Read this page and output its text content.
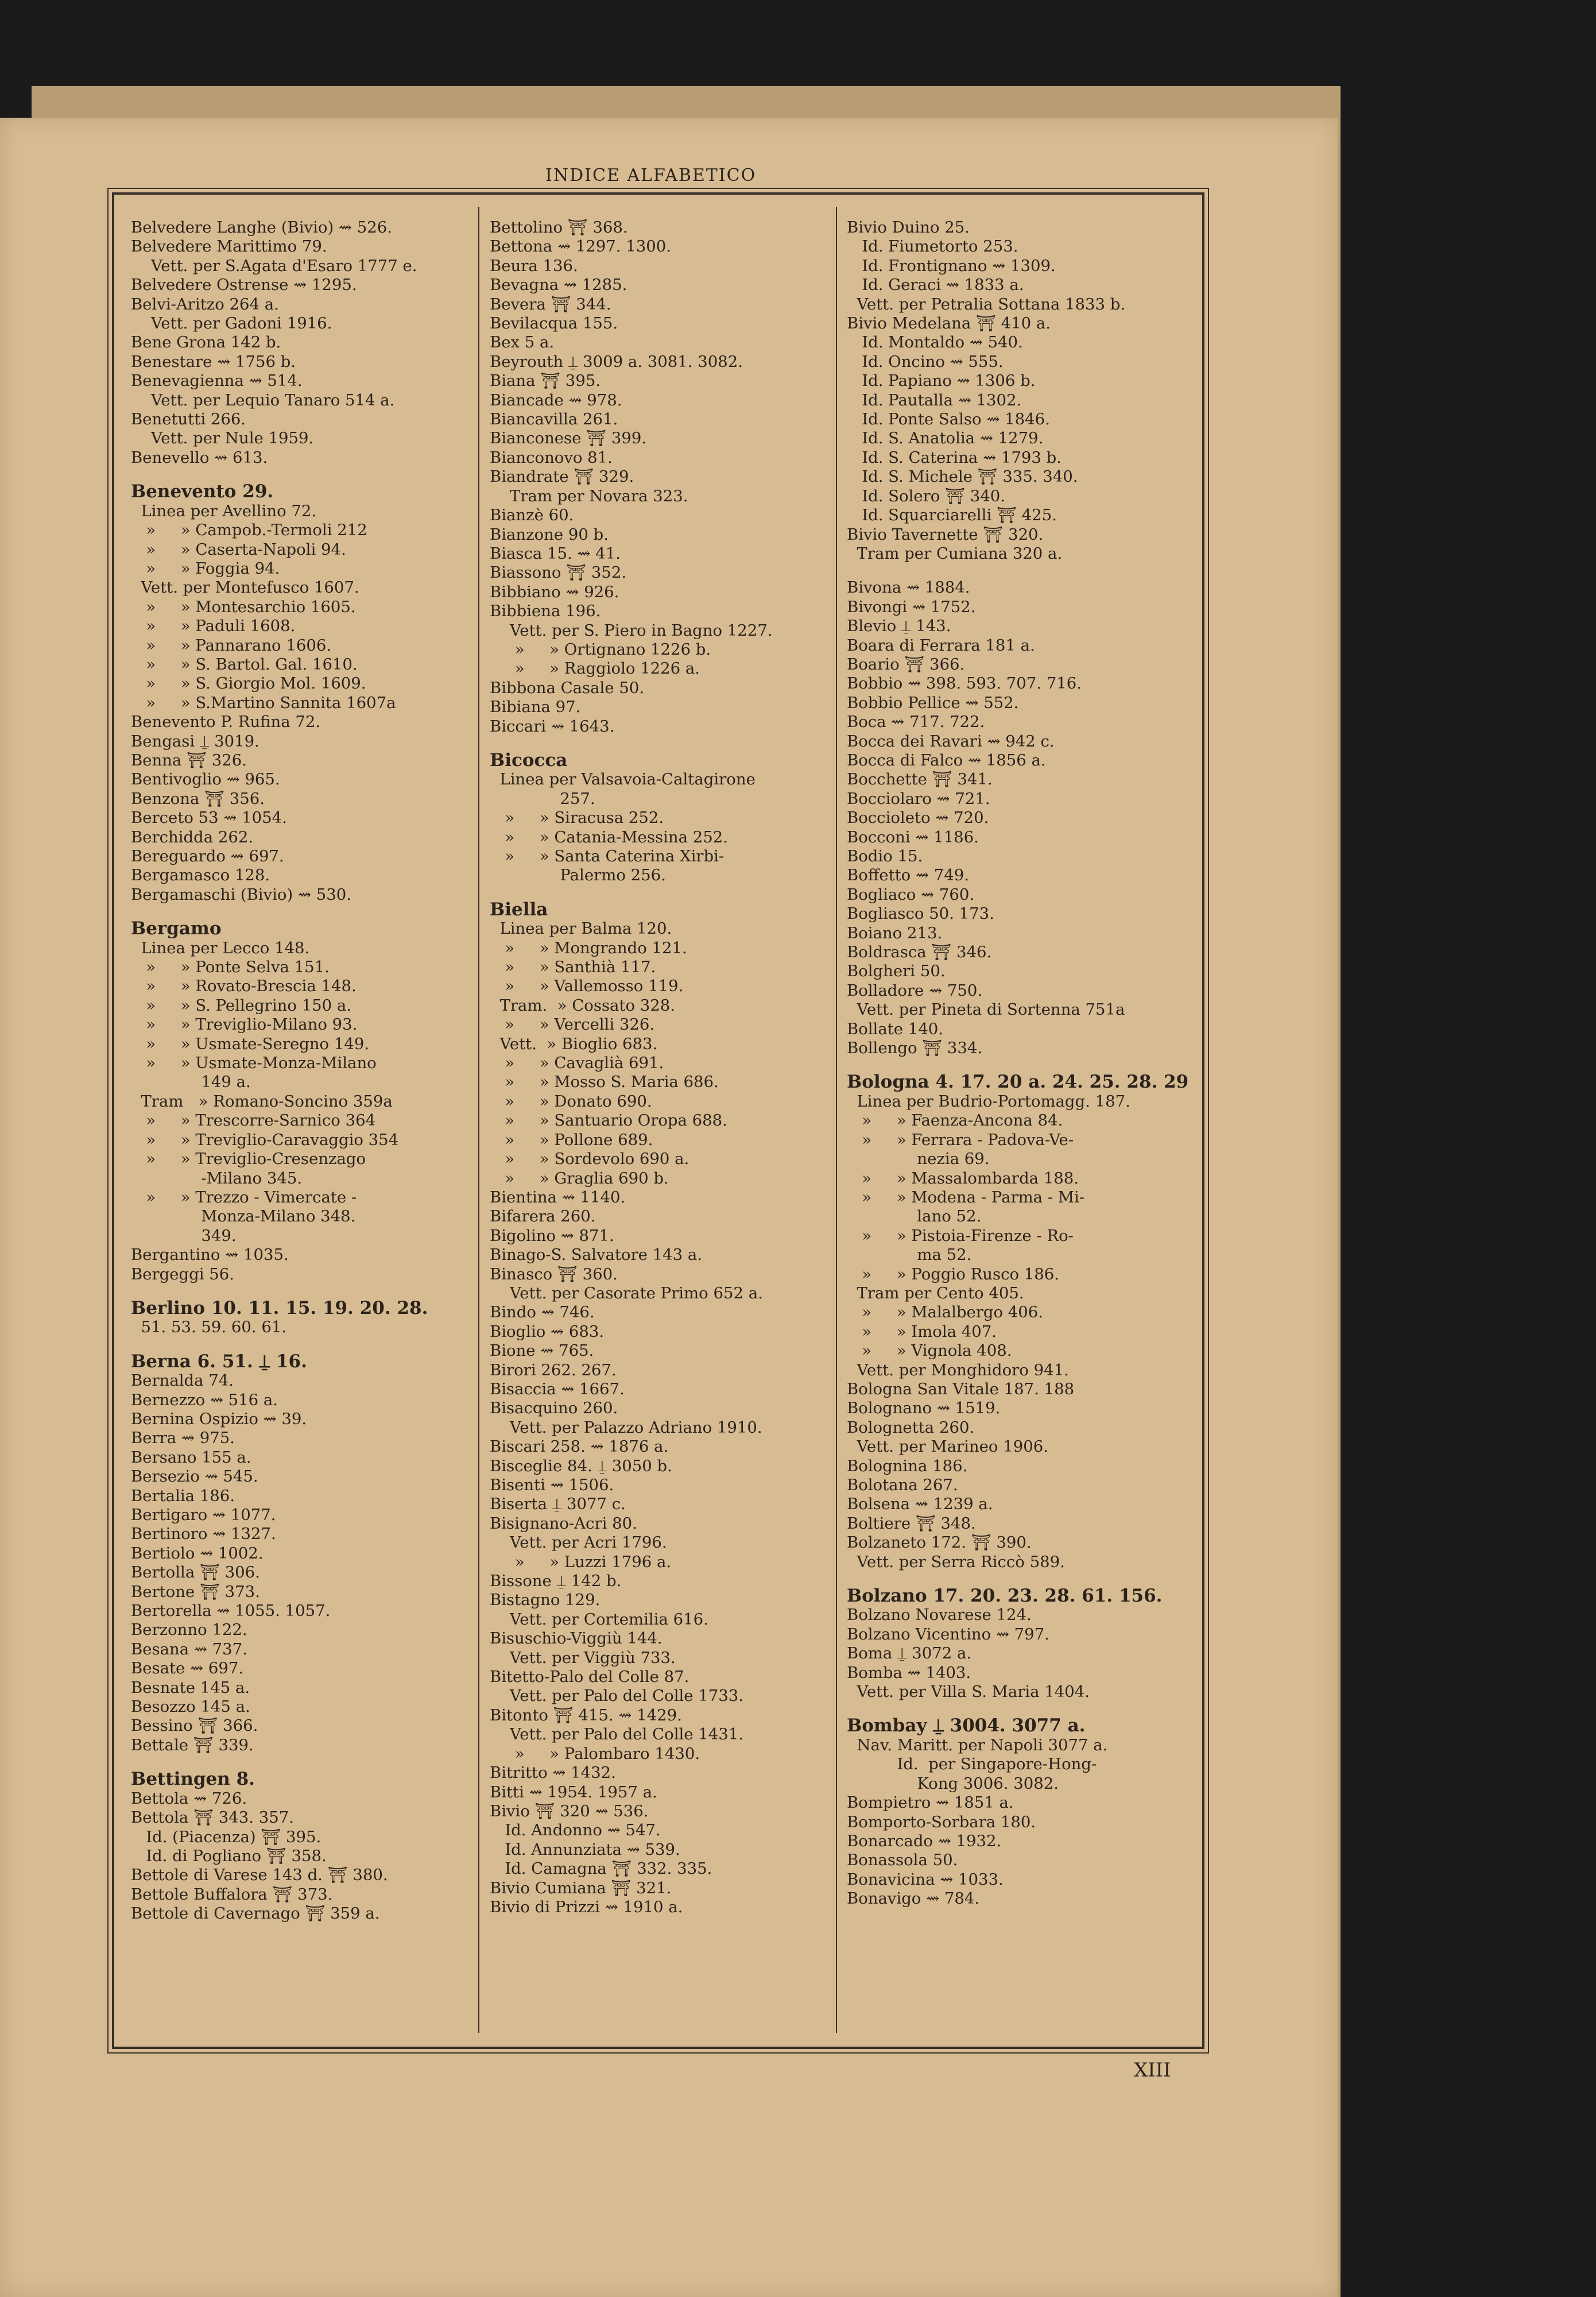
INDICE ALFABETICO
Belvedere Langhe (Bivio) ⇝ 526.
Belvedere Marittimo 79.
Vett. per S.Agata d'Esaro 1777 e.
Belvedere Ostrense ⇝ 1295.
Belvi-Aritzo 264 a.
Vett. per Gadoni 1916.
Bene Grona 142 b.
Benestare ⇝ 1756 b.
Benevagienna ⇝ 514.
Vett. per Lequio Tanaro 514 a.
Benetutti 266.
Vett. per Nule 1959.
Benevello ⇝ 613.
Benevento 29.
Linea per Avellino 72.
»     » Campob.-Termoli 212
»     » Caserta-Napoli 94.
»     » Foggia 94.
Vett. per Montefusco 1607.
»     » Montesarchio 1605.
»     » Paduli 1608.
»     » Pannarano 1606.
»     » S. Bartol. Gal. 1610.
»     » S. Giorgio Mol. 1609.
»     » S.Martino Sannita 1607a
Benevento P. Rufina 72.
Bengasi ⍊ 3019.
Benna ⛩ 326.
Bentivoglio ⇝ 965.
Benzona ⛩ 356.
Berceto 53 ⇝ 1054.
Berchidda 262.
Bereguardo ⇝ 697.
Bergamasco 128.
Bergamaschi (Bivio) ⇝ 530.
Bergamo
Linea per Lecco 148.
»     » Ponte Selva 151.
»     » Rovato-Brescia 148.
»     » S. Pellegrino 150 a.
»     » Treviglio-Milano 93.
»     » Usmate-Seregno 149.
»     » Usmate-Monza-Milano
149 a.
Tram   » Romano-Soncino 359a
»     » Trescorre-Sarnico 364
»     » Treviglio-Caravaggio 354
»     » Treviglio-Cresenzago
-Milano 345.
»     » Trezzo - Vimercate -
Monza-Milano 348.
349.
Bergantino ⇝ 1035.
Bergeggi 56.
Berlino 10. 11. 15. 19. 20. 28.
51. 53. 59. 60. 61.
Berna 6. 51. ⍊ 16.
Bernalda 74.
Bernezzo ⇝ 516 a.
Bernina Ospizio ⇝ 39.
Berra ⇝ 975.
Bersano 155 a.
Bersezio ⇝ 545.
Bertalia 186.
Bertigaro ⇝ 1077.
Bertinoro ⇝ 1327.
Bertiolo ⇝ 1002.
Bertolla ⛩ 306.
Bertone ⛩ 373.
Bertorella ⇝ 1055. 1057.
Berzonno 122.
Besana ⇝ 737.
Besate ⇝ 697.
Besnate 145 a.
Besozzo 145 a.
Bessino ⛩ 366.
Bettale ⛩ 339.
Bettingen 8.
Bettola ⇝ 726.
Bettola ⛩ 343. 357.
Id. (Piacenza) ⛩ 395.
Id. di Pogliano ⛩ 358.
Bettole di Varese 143 d. ⛩ 380.
Bettole Buffalora ⛩ 373.
Bettole di Cavernago ⛩ 359 a.
Bettolino ⛩ 368.
Bettona ⇝ 1297. 1300.
Beura 136.
Bevagna ⇝ 1285.
Bevera ⛩ 344.
Bevilacqua 155.
Bex 5 a.
Beyrouth ⍊ 3009 a. 3081. 3082.
Biana ⛩ 395.
Biancade ⇝ 978.
Biancavilla 261.
Bianconese ⛩ 399.
Bianconovo 81.
Biandrate ⛩ 329.
Tram per Novara 323.
Bianzè 60.
Bianzone 90 b.
Biasca 15. ⇝ 41.
Biassono ⛩ 352.
Bibbiano ⇝ 926.
Bibbiena 196.
Vett. per S. Piero in Bagno 1227.
»     » Ortignano 1226 b.
»     » Raggiolo 1226 a.
Bibbona Casale 50.
Bibiana 97.
Biccari ⇝ 1643.
Bicocca
Linea per Valsavoia-Caltagirone
257.
»     » Siracusa 252.
»     » Catania-Messina 252.
»     » Santa Caterina Xirbi-
Palermo 256.
Biella
Linea per Balma 120.
»     » Mongrando 121.
»     » Santhià 117.
»     » Vallemosso 119.
Tram.  » Cossato 328.
»     » Vercelli 326.
Vett.  » Bioglio 683.
»     » Cavaglià 691.
»     » Mosso S. Maria 686.
»     » Donato 690.
»     » Santuario Oropa 688.
»     » Pollone 689.
»     » Sordevolo 690 a.
»     » Graglia 690 b.
Bientina ⇝ 1140.
Bifarera 260.
Bigolino ⇝ 871.
Binago-S. Salvatore 143 a.
Binasco ⛩ 360.
Vett. per Casorate Primo 652 a.
Bindo ⇝ 746.
Bioglio ⇝ 683.
Bione ⇝ 765.
Birori 262. 267.
Bisaccia ⇝ 1667.
Bisacquino 260.
Vett. per Palazzo Adriano 1910.
Biscari 258. ⇝ 1876 a.
Bisceglie 84. ⍊ 3050 b.
Bisenti ⇝ 1506.
Biserta ⍊ 3077 c.
Bisignano-Acri 80.
Vett. per Acri 1796.
»     » Luzzi 1796 a.
Bissone ⍊ 142 b.
Bistagno 129.
Vett. per Cortemilia 616.
Bisuschio-Viggiù 144.
Vett. per Viggiù 733.
Bitetto-Palo del Colle 87.
Vett. per Palo del Colle 1733.
Bitonto ⛩ 415. ⇝ 1429.
Vett. per Palo del Colle 1431.
»     » Palombaro 1430.
Bitritto ⇝ 1432.
Bitti ⇝ 1954. 1957 a.
Bivio ⛩ 320 ⇝ 536.
Id. Andonno ⇝ 547.
Id. Annunziata ⇝ 539.
Id. Camagna ⛩ 332. 335.
Bivio Cumiana ⛩ 321.
Bivio di Prizzi ⇝ 1910 a.
Bivio Duino 25.
Id. Fiumetorto 253.
Id. Frontignano ⇝ 1309.
Id. Geraci ⇝ 1833 a.
Vett. per Petralia Sottana 1833 b.
Bivio Medelana ⛩ 410 a.
Id. Montaldo ⇝ 540.
Id. Oncino ⇝ 555.
Id. Papiano ⇝ 1306 b.
Id. Pautalla ⇝ 1302.
Id. Ponte Salso ⇝ 1846.
Id. S. Anatolia ⇝ 1279.
Id. S. Caterina ⇝ 1793 b.
Id. S. Michele ⛩ 335. 340.
Id. Solero ⛩ 340.
Id. Squarciarelli ⛩ 425.
Bivio Tavernette ⛩ 320.
Tram per Cumiana 320 a.
Bivona ⇝ 1884.
Bivongi ⇝ 1752.
Blevio ⍊ 143.
Boara di Ferrara 181 a.
Boario ⛩ 366.
Bobbio ⇝ 398. 593. 707. 716.
Bobbio Pellice ⇝ 552.
Boca ⇝ 717. 722.
Bocca dei Ravari ⇝ 942 c.
Bocca di Falco ⇝ 1856 a.
Bocchette ⛩ 341.
Bocciolaro ⇝ 721.
Boccioleto ⇝ 720.
Bocconi ⇝ 1186.
Bodio 15.
Boffetto ⇝ 749.
Bogliaco ⇝ 760.
Bogliasco 50. 173.
Boiano 213.
Boldrasca ⛩ 346.
Bolgheri 50.
Bolladore ⇝ 750.
Vett. per Pineta di Sortenna 751a
Bollate 140.
Bollengo ⛩ 334.
Bologna 4. 17. 20 a. 24. 25. 28. 29
Linea per Budrio-Portomagg. 187.
»     » Faenza-Ancona 84.
»     » Ferrara - Padova-Ve-
nezia 69.
»     » Massalombarda 188.
»     » Modena - Parma - Mi-
lano 52.
»     » Pistoia-Firenze - Ro-
ma 52.
»     » Poggio Rusco 186.
Tram per Cento 405.
»     » Malalbergo 406.
»     » Imola 407.
»     » Vignola 408.
Vett. per Monghidoro 941.
Bologna San Vitale 187. 188
Bolognano ⇝ 1519.
Bolognetta 260.
Vett. per Marineo 1906.
Bolognina 186.
Bolotana 267.
Bolsena ⇝ 1239 a.
Boltiere ⛩ 348.
Bolzaneto 172. ⛩ 390.
Vett. per Serra Riccò 589.
Bolzano 17. 20. 23. 28. 61. 156.
Bolzano Novarese 124.
Bolzano Vicentino ⇝ 797.
Boma ⍊ 3072 a.
Bomba ⇝ 1403.
Vett. per Villa S. Maria 1404.
Bombay ⍊ 3004. 3077 a.
Nav. Maritt. per Napoli 3077 a.
Id.  per Singapore-Hong-
Kong 3006. 3082.
Bompietro ⇝ 1851 a.
Bomporto-Sorbara 180.
Bonarcado ⇝ 1932.
Bonassola 50.
Bonavicina ⇝ 1033.
Bonavigo ⇝ 784.
XIII
